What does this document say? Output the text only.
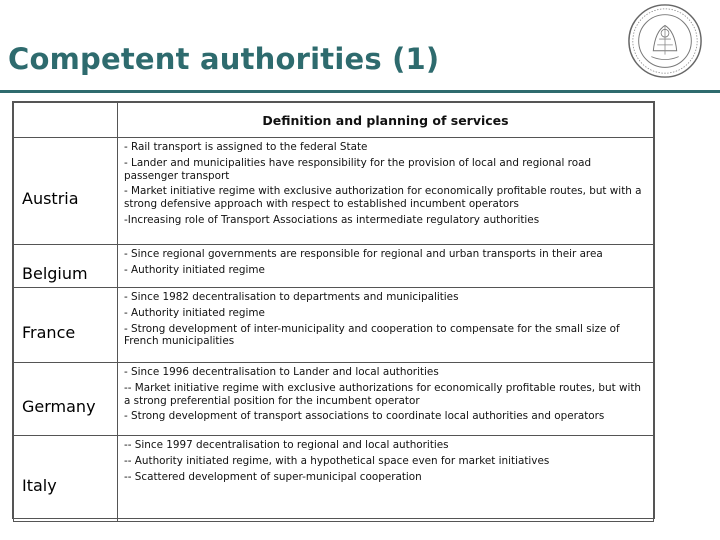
Competent authorities (1)
	Definition and planning of services
Austria	- Rail transport is assigned to the federal State
- Lander and municipalities have responsibility for the provision of local and regional road passenger transport
- Market initiative regime with exclusive authorization for economically profitable routes, but with a strong defensive approach with respect to established incumbent operators
-Increasing role of Transport Associations as intermediate regulatory authorities

Belgium	- Since regional governments are responsible for regional and urban transports in their area
- Authority initiated regime

France	- Since 1982 decentralisation to departments and municipalities
- Authority initiated regime
- Strong development of inter-municipality and cooperation to compensate for the small size of French municipalities

Germany	- Since 1996 decentralisation to Lander and local authorities
-- Market initiative regime with exclusive authorizations for economically profitable routes, but with a strong preferential position for the incumbent operator
- Strong development of transport associations to coordinate local authorities and operators

Italy	-- Since 1997 decentralisation to regional and local authorities
-- Authority initiated regime, with a hypothetical space even for market initiatives
-- Scattered development of super-municipal cooperation
